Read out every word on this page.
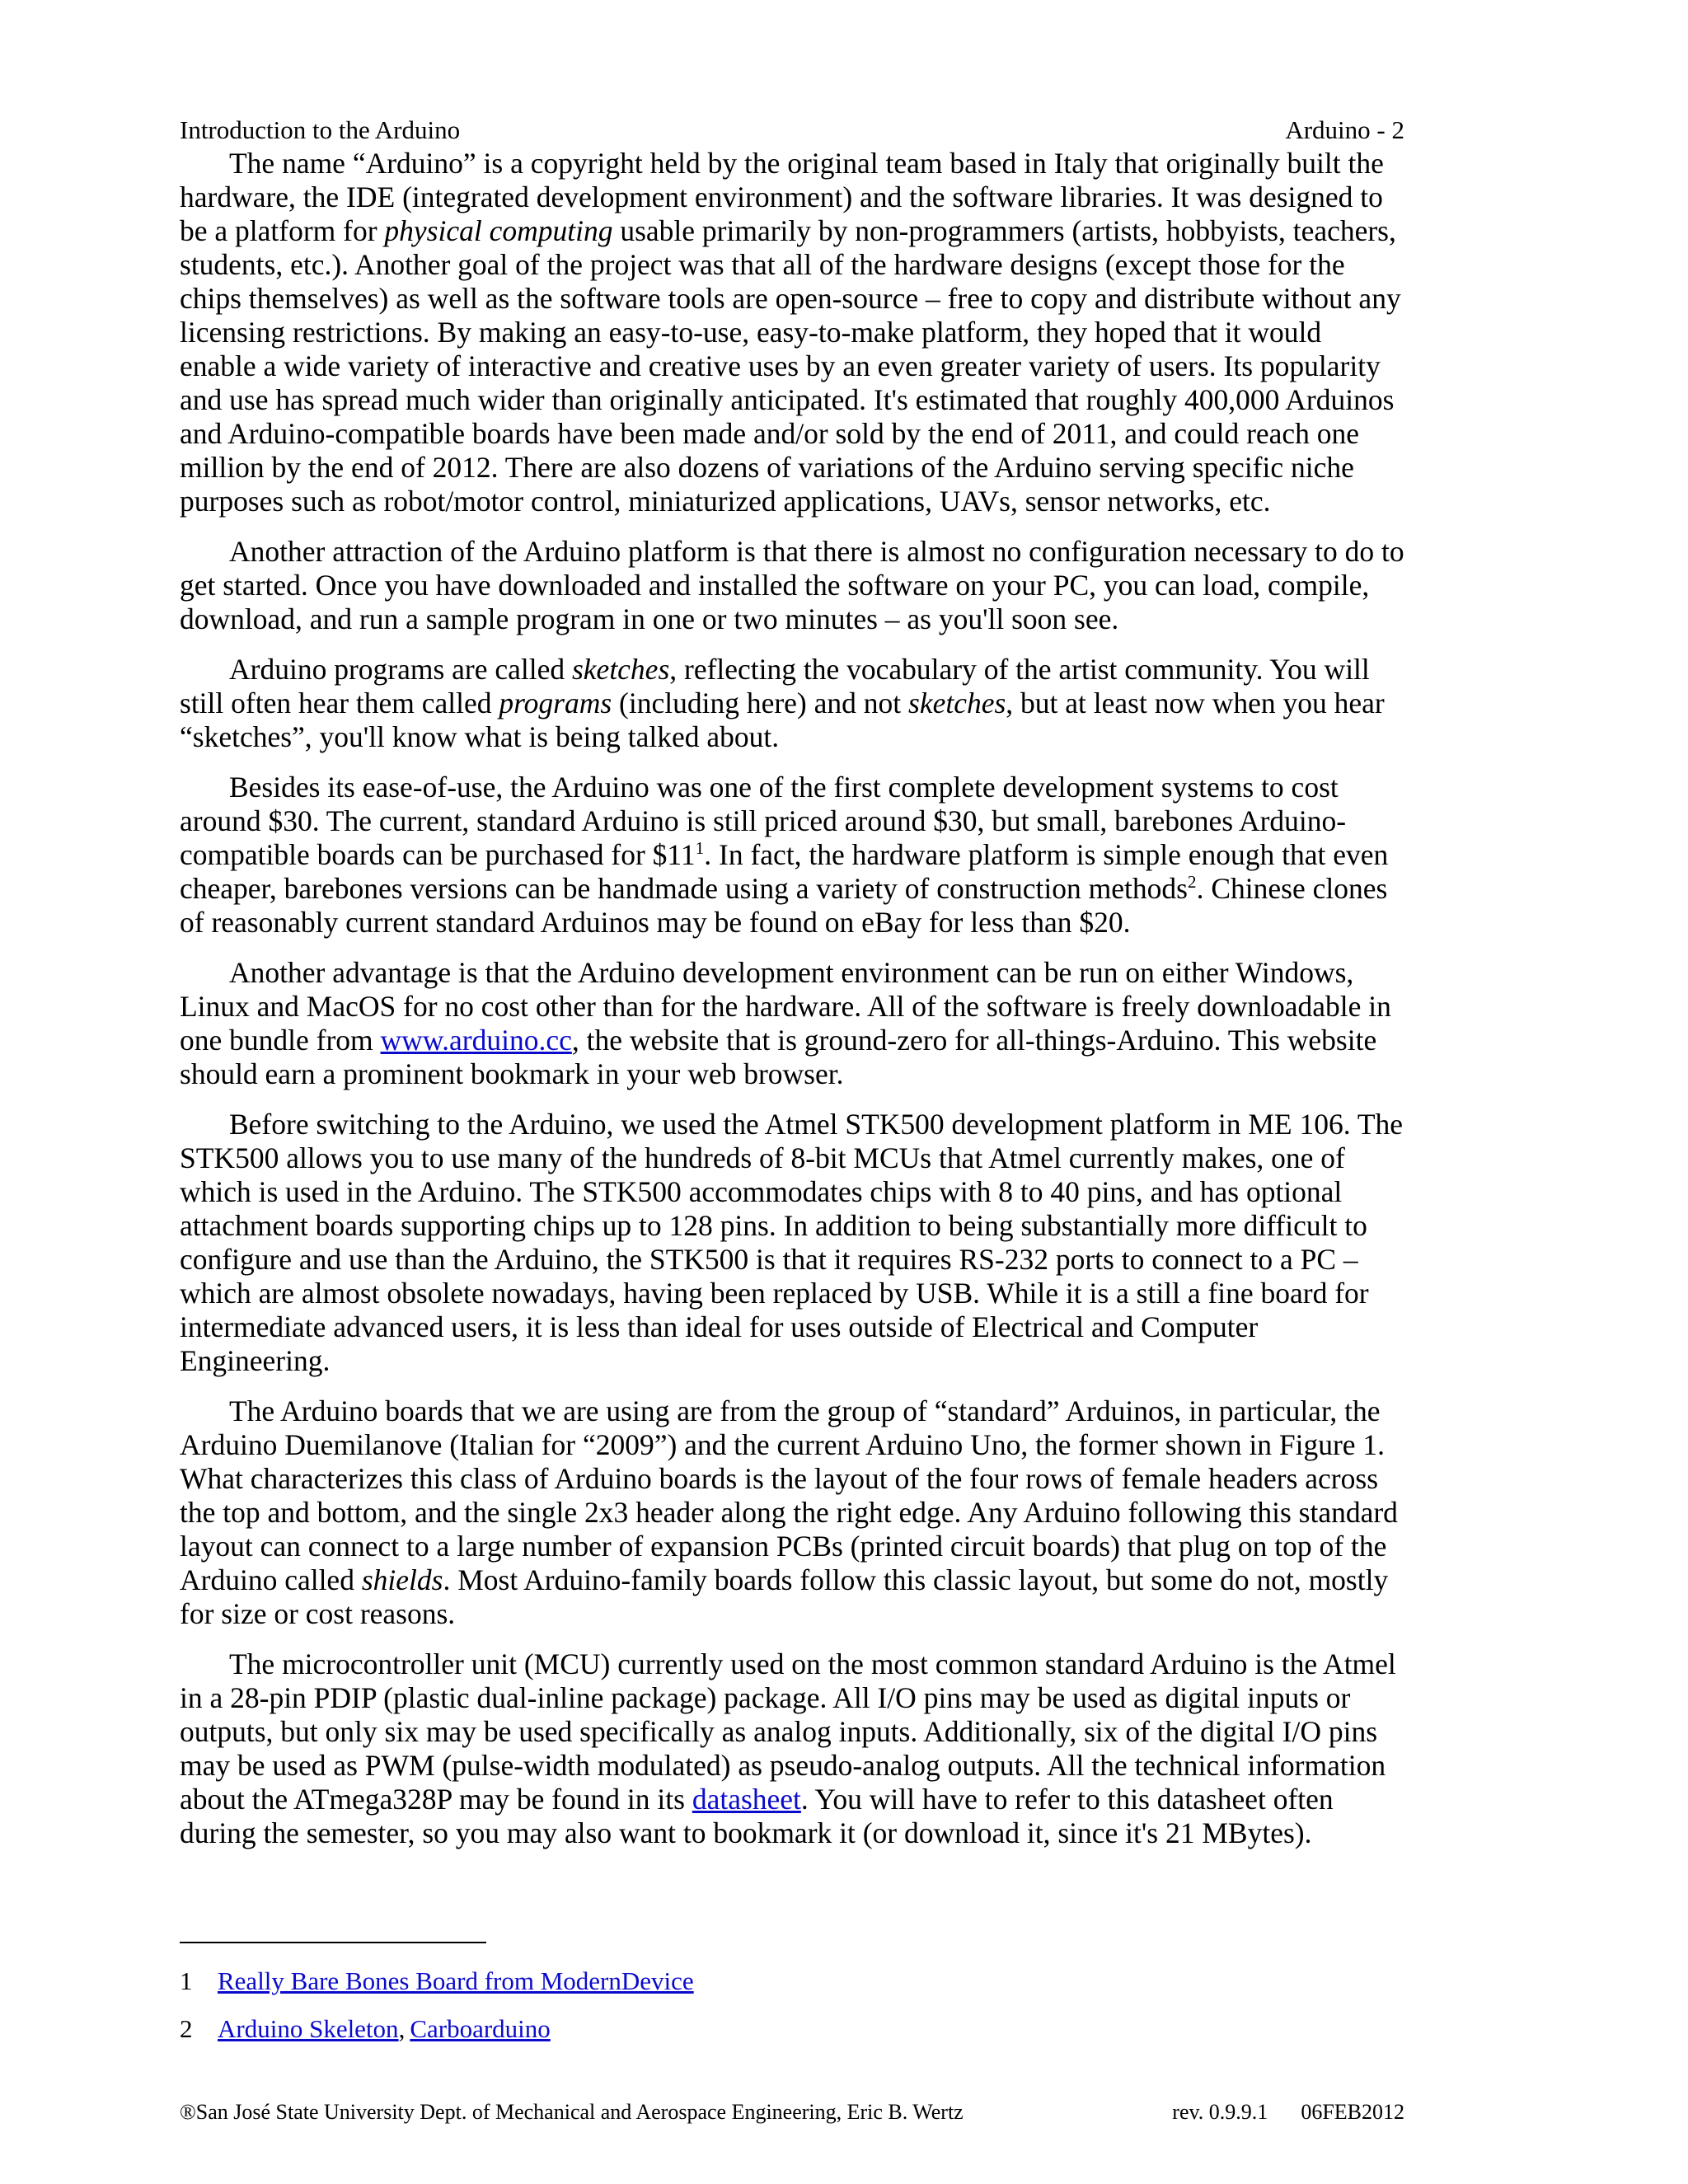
Introduction to the Arduino	Arduino - 2

The name “Arduino” is a copyright held by the original team based in Italy that originally built the hardware, the IDE (integrated development environment) and the software libraries. It was designed to be a platform for physical computing usable primarily by non-programmers (artists, hobbyists, teachers, students, etc.). Another goal of the project was that all of the hardware designs (except those for the chips themselves) as well as the software tools are open-source – free to copy and distribute without any licensing restrictions. By making an easy-to-use, easy-to-make platform, they hoped that it would enable a wide variety of interactive and creative uses by an even greater variety of users. Its popularity and use has spread much wider than originally anticipated. It's estimated that roughly 400,000 Arduinos and Arduino-compatible boards have been made and/or sold by the end of 2011, and could reach one million by the end of 2012. There are also dozens of variations of the Arduino serving specific niche purposes such as robot/motor control, miniaturized applications, UAVs, sensor networks, etc.

Another attraction of the Arduino platform is that there is almost no configuration necessary to do to get started. Once you have downloaded and installed the software on your PC, you can load, compile, download, and run a sample program in one or two minutes – as you'll soon see.

Arduino programs are called sketches, reflecting the vocabulary of the artist community. You will still often hear them called programs (including here) and not sketches, but at least now when you hear “sketches”, you'll know what is being talked about.

Besides its ease-of-use, the Arduino was one of the first complete development systems to cost around $30. The current, standard Arduino is still priced around $30, but small, barebones Arduino-compatible boards can be purchased for $\$11^1$. In fact, the hardware platform is simple enough that even cheaper, barebones versions can be handmade using a variety of construction methods$^2$. Chinese clones of reasonably current standard Arduinos may be found on eBay for less than $20.

Another advantage is that the Arduino development environment can be run on either Windows, Linux and MacOS for no cost other than for the hardware. All of the software is freely downloadable in one bundle from www.arduino.cc, the website that is ground-zero for all-things-Arduino. This website should earn a prominent bookmark in your web browser.

Before switching to the Arduino, we used the Atmel STK500 development platform in ME 106. The STK500 allows you to use many of the hundreds of 8-bit MCUs that Atmel currently makes, one of which is used in the Arduino. The STK500 accommodates chips with 8 to 40 pins, and has optional attachment boards supporting chips up to 128 pins. In addition to being substantially more difficult to configure and use than the Arduino, the STK500 is that it requires RS-232 ports to connect to a PC – which are almost obsolete nowadays, having been replaced by USB. While it is a still a fine board for intermediate advanced users, it is less than ideal for uses outside of Electrical and Computer Engineering.

The Arduino boards that we are using are from the group of “standard” Arduinos, in particular, the Arduino Duemilanove (Italian for “2009”) and the current Arduino Uno, the former shown in Figure 1. What characterizes this class of Arduino boards is the layout of the four rows of female headers across the top and bottom, and the single 2x3 header along the right edge. Any Arduino following this standard layout can connect to a large number of expansion PCBs (printed circuit boards) that plug on top of the Arduino called shields. Most Arduino-family boards follow this classic layout, but some do not, mostly for size or cost reasons.

The microcontroller unit (MCU) currently used on the most common standard Arduino is the Atmel in a 28-pin PDIP (plastic dual-inline package) package. All I/O pins may be used as digital inputs or outputs, but only six may be used specifically as analog inputs. Additionally, six of the digital I/O pins may be used as PWM (pulse-width modulated) as pseudo-analog outputs. All the technical information about the ATmega328P may be found in its datasheet. You will have to refer to this datasheet often during the semester, so you may also want to bookmark it (or download it, since it's 21 MBytes).

1 Really Bare Bones Board from ModernDevice
2 Arduino Skeleton , Carboarduino
®San José State University Dept. of Mechanical and Aerospace Engineering, Eric B. Wertz	rev. 0.9.9.1 06FEB2012
